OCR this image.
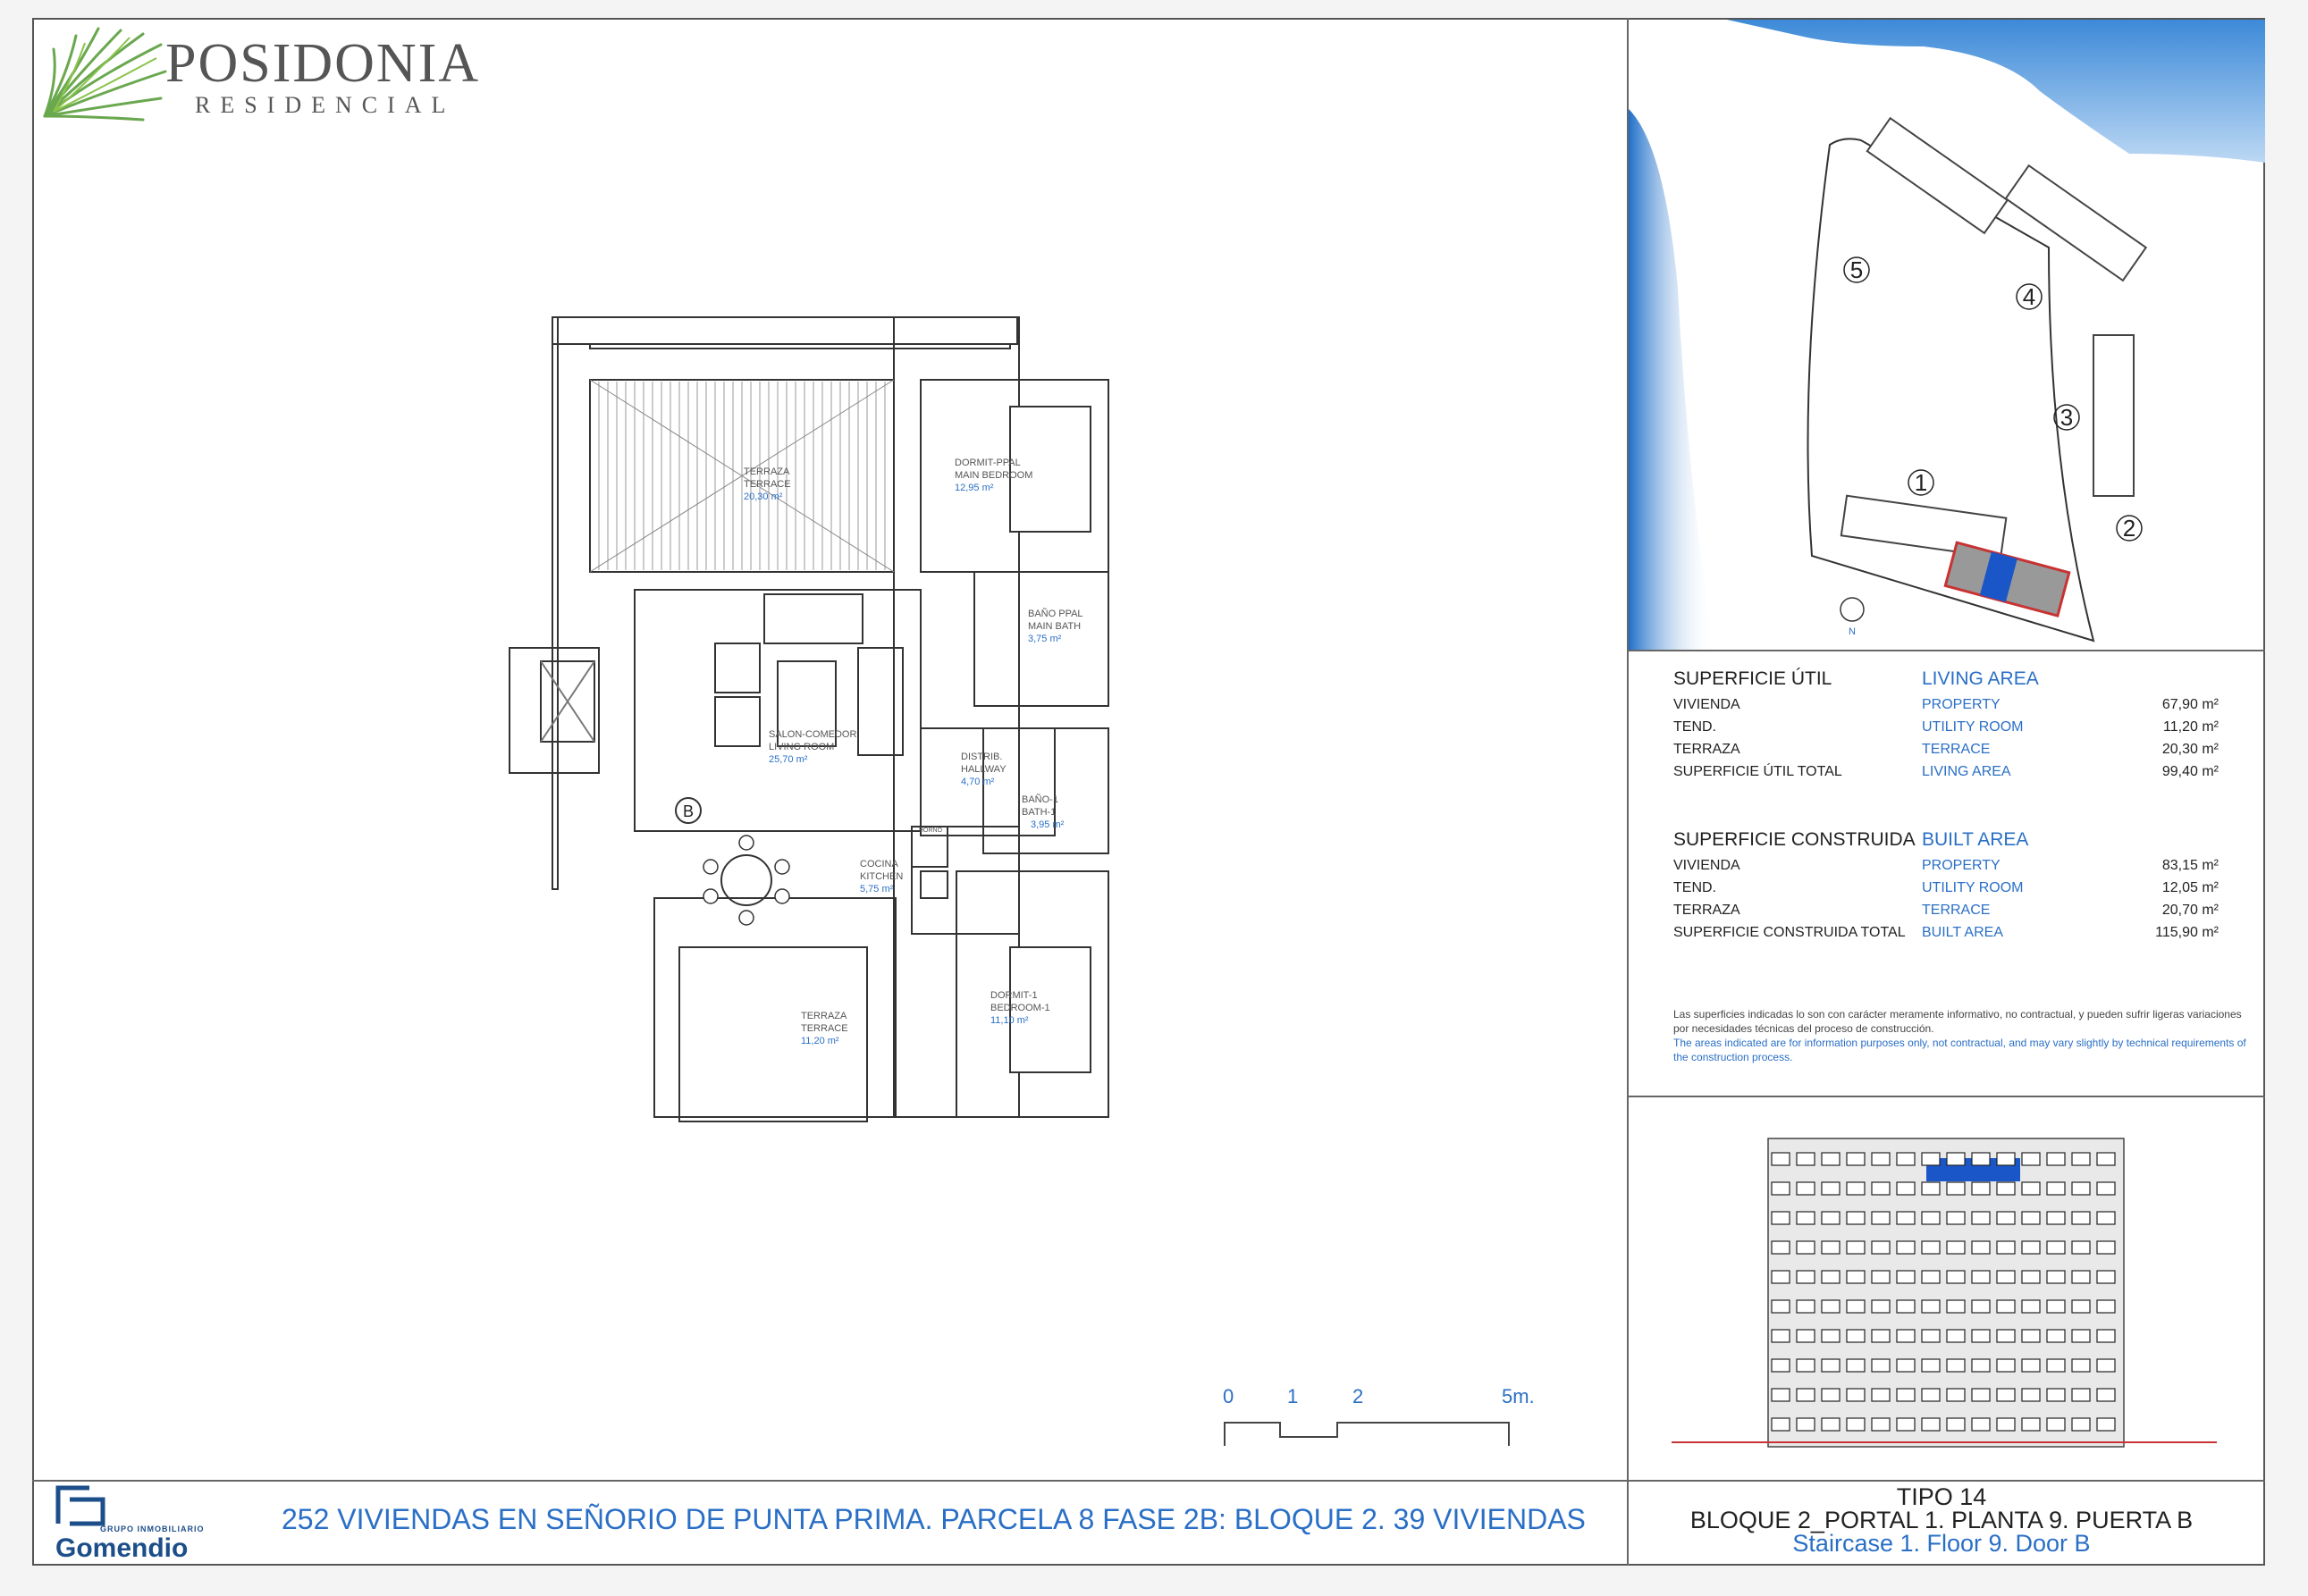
POSIDONIA
RESIDENCIAL
B
TERRAZA
TERRACE
20,30 m²
DORMIT-PPAL
MAIN BEDROOM
12,95 m²
BAÑO PPAL
MAIN BATH
3,75 m²
SALON-COMEDOR
LIVING ROOM
25,70 m²	DISTRIB.
HALLWAY
4,70 m²
BAÑO-1
BATH-1
3,95 m²
COCINA
KITCHEN
5,75 m²
TERRAZA
TERRACE
11,20 m²
DORMIT-1
BEDROOM-1
11,10 m²
HORNO
0	1	2	5m.
5
4
3
1
2
N
SUPERFICIE ÚTIL	LIVING AREA
VIVIENDA	PROPERTY	67,90 m²
TEND.	UTILITY ROOM	11,20 m²
TERRAZA	TERRACE	20,30 m²
SUPERFICIE ÚTIL TOTAL	LIVING AREA	99,40 m²
SUPERFICIE CONSTRUIDA BUILT AREA
VIVIENDA	PROPERTY	83,15 m²
TEND.	UTILITY ROOM	12,05 m²
TERRAZA	TERRACE	20,70 m²
SUPERFICIE CONSTRUIDA TOTAL	BUILT AREA	115,90 m²
Las superficies indicadas lo son con carácter meramente informativo, no contractual, y pueden sufrir ligeras variaciones por necesidades técnicas del proceso de construcción.
The areas indicated are for information purposes only, not contractual, and may vary slightly by technical requirements of the construction process.
GRUPO INMOBILIARIO
Gomendio
252 VIVIENDAS EN SEÑORIO DE PUNTA PRIMA. PARCELA 8 FASE 2B: BLOQUE 2. 39 VIVIENDAS
TIPO 14
BLOQUE 2_PORTAL 1. PLANTA 9. PUERTA B
Staircase 1. Floor 9. Door B
